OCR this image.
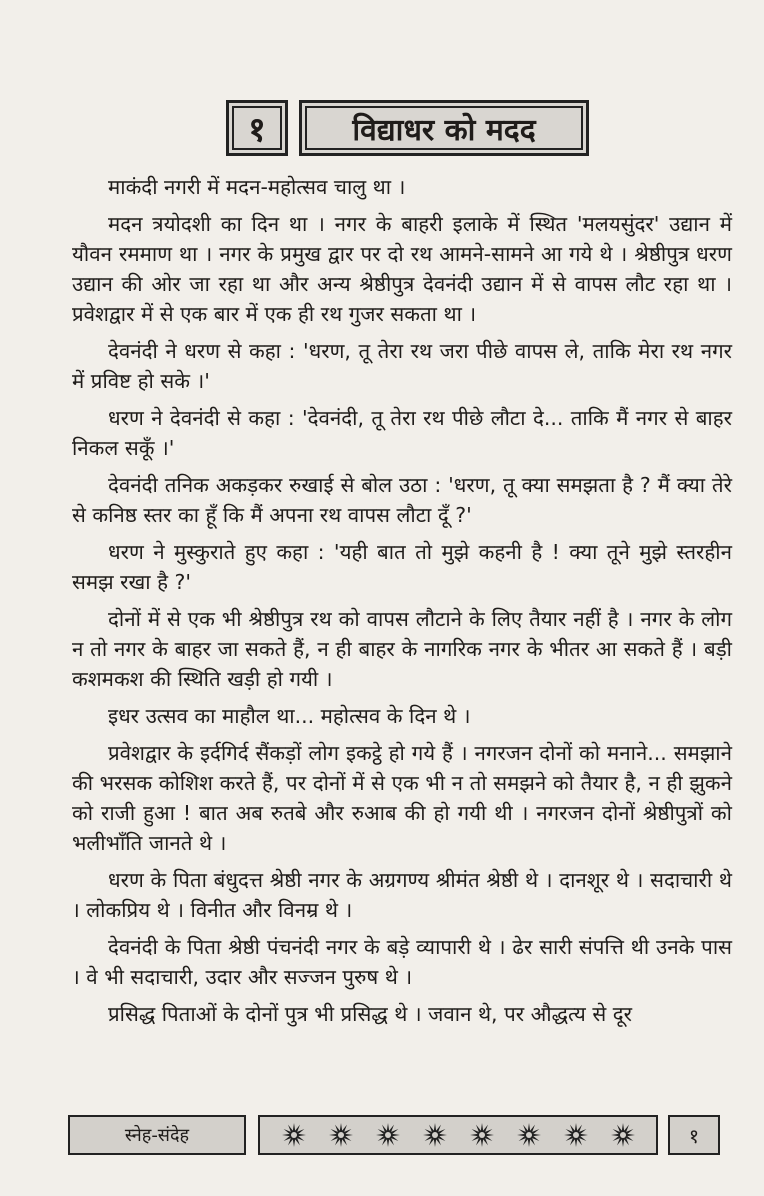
१	विद्याधर को मदद

माकंदी नगरी में मदन-महोत्सव चालु था ।

मदन त्रयोदशी का दिन था । नगर के बाहरी इलाके में स्थित 'मलयसुंदर' उद्यान में यौवन रममाण था । नगर के प्रमुख द्वार पर दो रथ आमने-सामने आ गये थे । श्रेष्ठीपुत्र धरण उद्यान की ओर जा रहा था और अन्य श्रेष्ठीपुत्र देवनंदी उद्यान में से वापस लौट रहा था । प्रवेशद्वार में से एक बार में एक ही रथ गुजर सकता था ।

देवनंदी ने धरण से कहा : 'धरण, तू तेरा रथ जरा पीछे वापस ले, ताकि मेरा रथ नगर में प्रविष्ट हो सके ।'

धरण ने देवनंदी से कहा : 'देवनंदी, तू तेरा रथ पीछे लौटा दे... ताकि मैं नगर से बाहर निकल सकूँ ।'

देवनंदी तनिक अकड़कर रुखाई से बोल उठा : 'धरण, तू क्या समझता है ? मैं क्या तेरे से कनिष्ठ स्तर का हूँ कि मैं अपना रथ वापस लौटा दूँ ?'

धरण ने मुस्कुराते हुए कहा : 'यही बात तो मुझे कहनी है ! क्या तूने मुझे स्तरहीन समझ रखा है ?'

दोनों में से एक भी श्रेष्ठीपुत्र रथ को वापस लौटाने के लिए तैयार नहीं है । नगर के लोग न तो नगर के बाहर जा सकते हैं, न ही बाहर के नागरिक नगर के भीतर आ सकते हैं । बड़ी कशमकश की स्थिति खड़ी हो गयी ।

इधर उत्सव का माहौल था... महोत्सव के दिन थे ।

प्रवेशद्वार के इर्दगिर्द सैंकड़ों लोग इकट्ठे हो गये हैं । नगरजन दोनों को मनाने... समझाने की भरसक कोशिश करते हैं, पर दोनों में से एक भी न तो समझने को तैयार है, न ही झुकने को राजी हुआ ! बात अब रुतबे और रुआब की हो गयी थी । नगरजन दोनों श्रेष्ठीपुत्रों को भलीभाँति जानते थे ।

धरण के पिता बंधुदत्त श्रेष्ठी नगर के अग्रगण्य श्रीमंत श्रेष्ठी थे । दानशूर थे । सदाचारी थे । लोकप्रिय थे । विनीत और विनम्र थे ।

देवनंदी के पिता श्रेष्ठी पंचनंदी नगर के बड़े व्यापारी थे । ढेर सारी संपत्ति थी उनके पास । वे भी सदाचारी, उदार और सज्जन पुरुष थे ।

प्रसिद्ध पिताओं के दोनों पुत्र भी प्रसिद्ध थे । जवान थे, पर औद्धत्य से दूर

स्नेह-संदेह	१
